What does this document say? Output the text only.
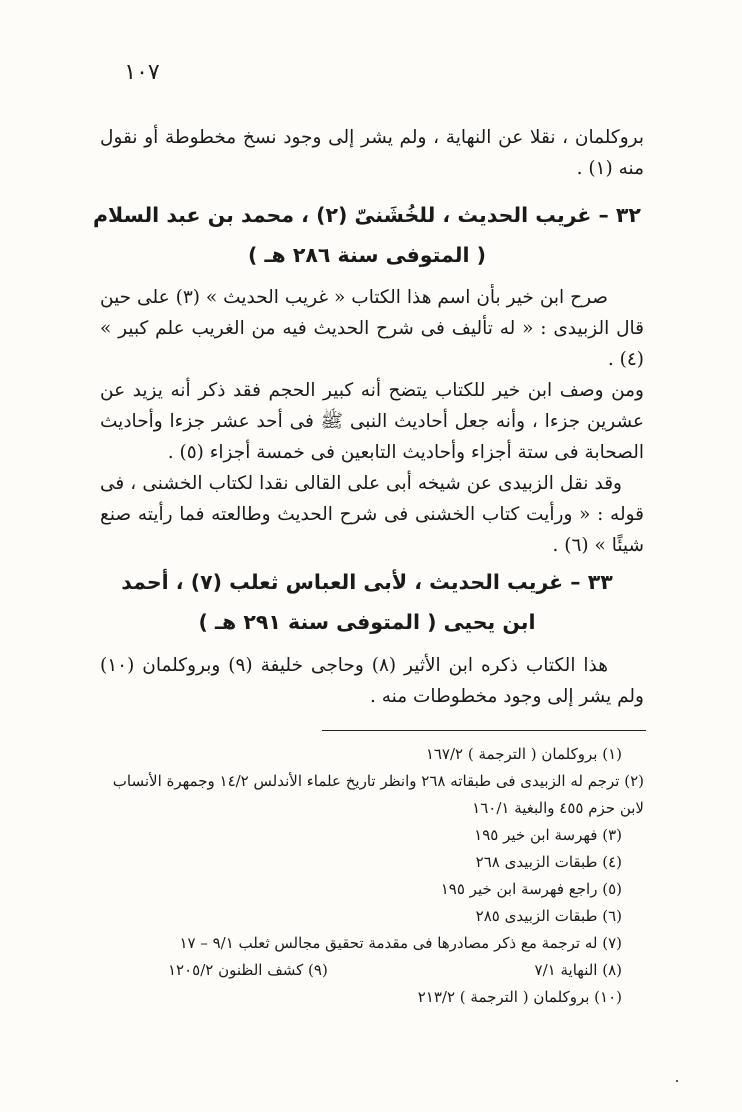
١٠٧

بروكلمان ، نقلا عن النهاية ، ولم يشر إلى وجود نسخ مخطوطة أو نقول منه (١) .

٣٢ – غريب الحديث ، للخُشَنىّ (٢) ، محمد بن عبد السلام
( المتوفى سنة ٢٨٦ هـ )

صرح ابن خير بأن اسم هذا الكتاب « غريب الحديث » (٣) على حين قال الزبيدى : « له تأليف فى شرح الحديث فيه من الغريب علم كبير » (٤) .

ومن وصف ابن خير للكتاب يتضح أنه كبير الحجم فقد ذكر أنه يزيد عن عشرين جزءا ، وأنه جعل أحاديث النبى ﷺ فى أحد عشر جزءا وأحاديث الصحابة فى ستة أجزاء وأحاديث التابعين فى خمسة أجزاء (٥) .

وقد نقل الزبيدى عن شيخه أبى على القالى نقدا لكتاب الخشنى ، فى قوله : « ورأيت كتاب الخشنى فى شرح الحديث وطالعته فما رأيته صنع شيئًا » (٦) .

٣٣ – غريب الحديث ، لأبى العباس ثعلب (٧) ، أحمد
ابن يحيى ( المتوفى سنة ٢٩١ هـ )

هذا الكتاب ذكره ابن الأثير (٨) وحاجى خليفة (٩) وبروكلمان (١٠) ولم يشر إلى وجود مخطوطات منه .

(١) بروكلمان ( الترجمة ) ١٦٧/٢

(٢) ترجم له الزبيدى فى طبقاته ٢٦٨ وانظر تاريخ علماء الأندلس ١٤/٢ وجمهرة الأنساب لابن حزم ٤٥٥ والبغية ١٦٠/١

(٣) فهرسة ابن خير ١٩٥

(٤) طبقات الزبيدى ٢٦٨

(٥) راجع فهرسة ابن خير ١٩٥

(٦) طبقات الزبيدى ٢٨٥

(٧) له ترجمة مع ذكر مصادرها فى مقدمة تحقيق مجالس ثعلب ٩/١ – ١٧

(٨) النهاية ٧/١
(٩) كشف الظنون ١٢٠٥/٢

(١٠) بروكلمان ( الترجمة ) ٢١٣/٢
